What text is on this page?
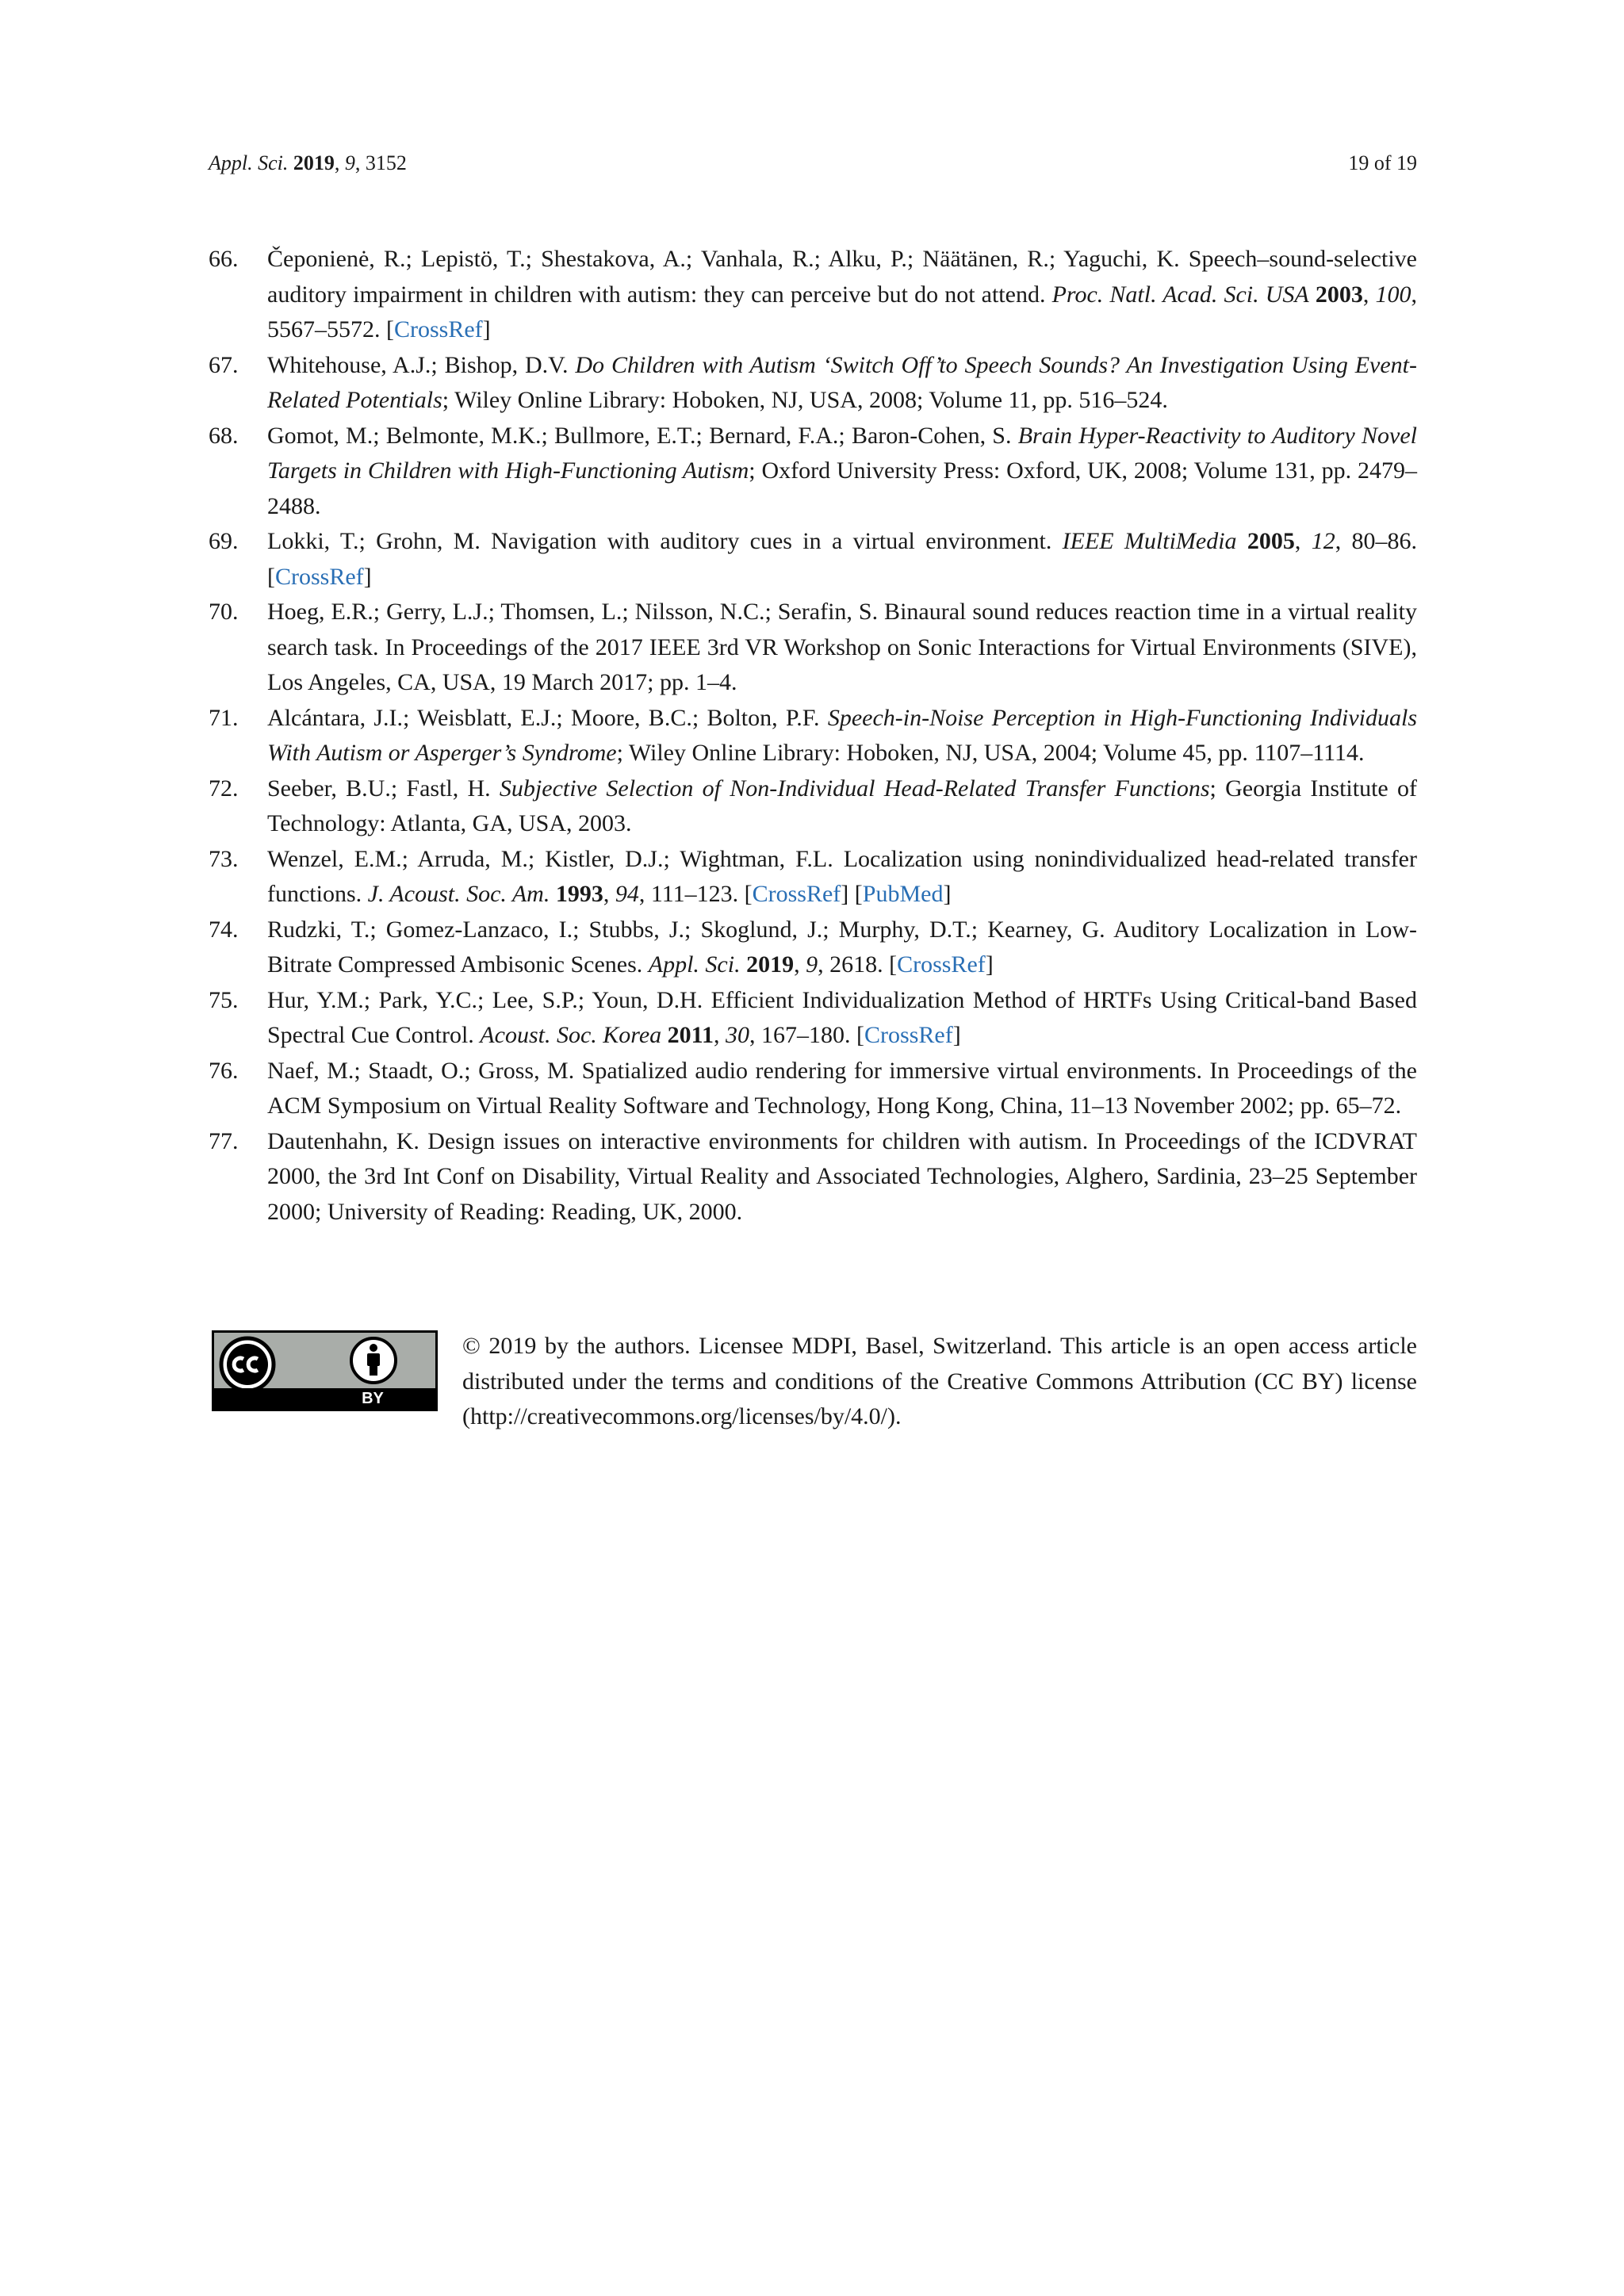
Appl. Sci. 2019, 9, 3152	19 of 19
66. Čeponienė, R.; Lepistö, T.; Shestakova, A.; Vanhala, R.; Alku, P.; Näätänen, R.; Yaguchi, K. Speech–sound-selective auditory impairment in children with autism: they can perceive but do not attend. Proc. Natl. Acad. Sci. USA 2003, 100, 5567–5572. [CrossRef]
67. Whitehouse, A.J.; Bishop, D.V. Do Children with Autism ‘Switch Off’to Speech Sounds? An Investigation Using Event-Related Potentials; Wiley Online Library: Hoboken, NJ, USA, 2008; Volume 11, pp. 516–524.
68. Gomot, M.; Belmonte, M.K.; Bullmore, E.T.; Bernard, F.A.; Baron-Cohen, S. Brain Hyper-Reactivity to Auditory Novel Targets in Children with High-Functioning Autism; Oxford University Press: Oxford, UK, 2008; Volume 131, pp. 2479–2488.
69. Lokki, T.; Grohn, M. Navigation with auditory cues in a virtual environment. IEEE MultiMedia 2005, 12, 80–86. [CrossRef]
70. Hoeg, E.R.; Gerry, L.J.; Thomsen, L.; Nilsson, N.C.; Serafin, S. Binaural sound reduces reaction time in a virtual reality search task. In Proceedings of the 2017 IEEE 3rd VR Workshop on Sonic Interactions for Virtual Environments (SIVE), Los Angeles, CA, USA, 19 March 2017; pp. 1–4.
71. Alcántara, J.I.; Weisblatt, E.J.; Moore, B.C.; Bolton, P.F. Speech-in-Noise Perception in High-Functioning Individuals With Autism or Asperger’s Syndrome; Wiley Online Library: Hoboken, NJ, USA, 2004; Volume 45, pp. 1107–1114.
72. Seeber, B.U.; Fastl, H. Subjective Selection of Non-Individual Head-Related Transfer Functions; Georgia Institute of Technology: Atlanta, GA, USA, 2003.
73. Wenzel, E.M.; Arruda, M.; Kistler, D.J.; Wightman, F.L. Localization using nonindividualized head-related transfer functions. J. Acoust. Soc. Am. 1993, 94, 111–123. [CrossRef] [PubMed]
74. Rudzki, T.; Gomez-Lanzaco, I.; Stubbs, J.; Skoglund, J.; Murphy, D.T.; Kearney, G. Auditory Localization in Low-Bitrate Compressed Ambisonic Scenes. Appl. Sci. 2019, 9, 2618. [CrossRef]
75. Hur, Y.M.; Park, Y.C.; Lee, S.P.; Youn, D.H. Efficient Individualization Method of HRTFs Using Critical-band Based Spectral Cue Control. Acoust. Soc. Korea 2011, 30, 167–180. [CrossRef]
76. Naef, M.; Staadt, O.; Gross, M. Spatialized audio rendering for immersive virtual environments. In Proceedings of the ACM Symposium on Virtual Reality Software and Technology, Hong Kong, China, 11–13 November 2002; pp. 65–72.
77. Dautenhahn, K. Design issues on interactive environments for children with autism. In Proceedings of the ICDVRAT 2000, the 3rd Int Conf on Disability, Virtual Reality and Associated Technologies, Alghero, Sardinia, 23–25 September 2000; University of Reading: Reading, UK, 2000.
BY
© 2019 by the authors. Licensee MDPI, Basel, Switzerland. This article is an open access article distributed under the terms and conditions of the Creative Commons Attribution (CC BY) license (http://creativecommons.org/licenses/by/4.0/).
